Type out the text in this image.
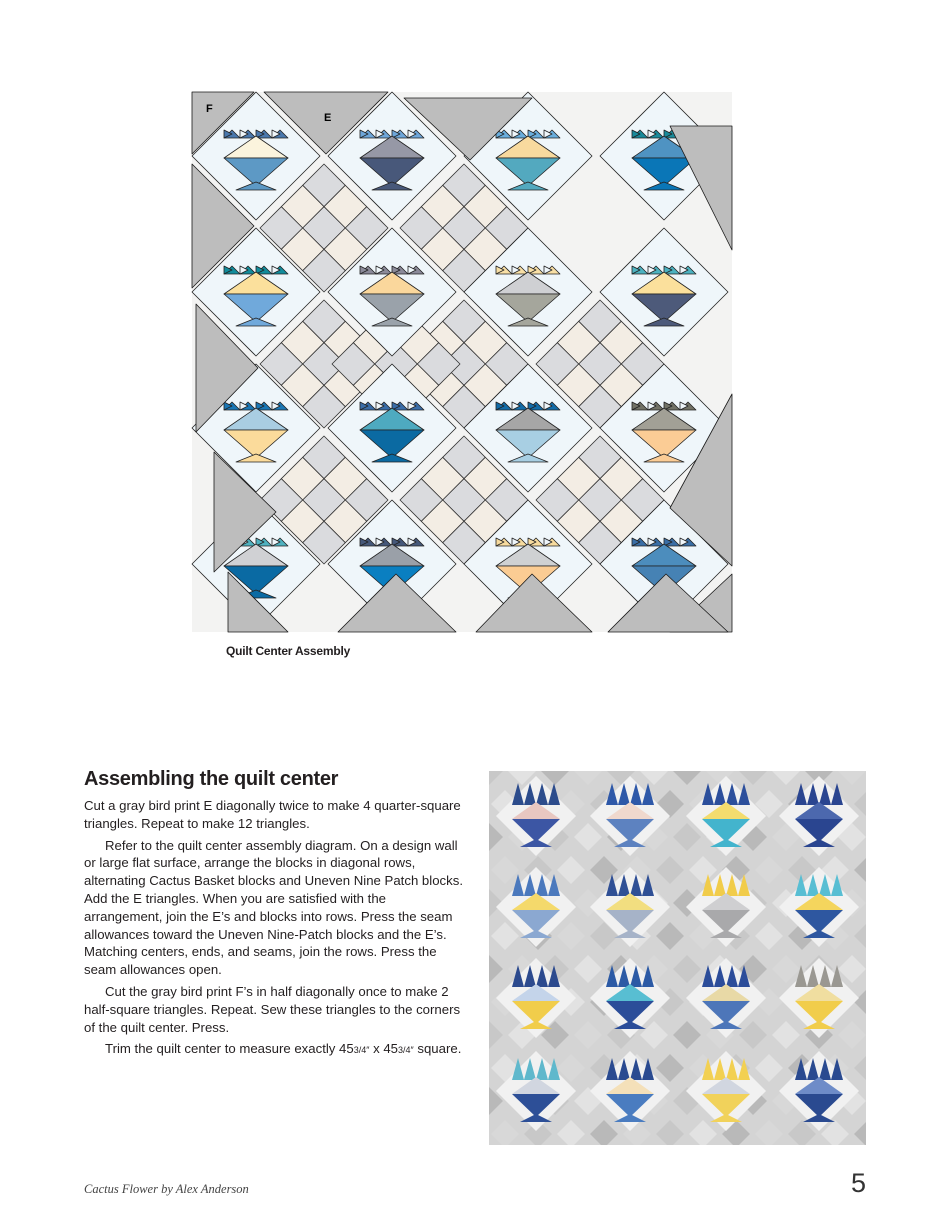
F
E
Quilt Center Assembly
Assembling the quilt center

Cut a gray bird print E diagonally twice to make 4 quarter-square triangles. Repeat to make 12 triangles.

Refer to the quilt center assembly diagram. On a design wall or large flat surface, arrange the blocks in diagonal rows, alternating Cactus Basket blocks and Uneven Nine Patch blocks. Add the E triangles. When you are satisfied with the arrangement, join the E’s and blocks into rows. Press the seam allowances toward the Uneven Nine-Patch blocks and the E’s. Matching centers, ends, and seams, join the rows. Press the seam allowances open.

Cut the gray bird print F’s in half diagonally once to make 2 half-square triangles. Repeat. Sew these triangles to the corners of the quilt center. Press.

Trim the quilt center to measure exactly 453/4″ x 453/4″ square.

Cactus Flower by Alex Anderson	5
